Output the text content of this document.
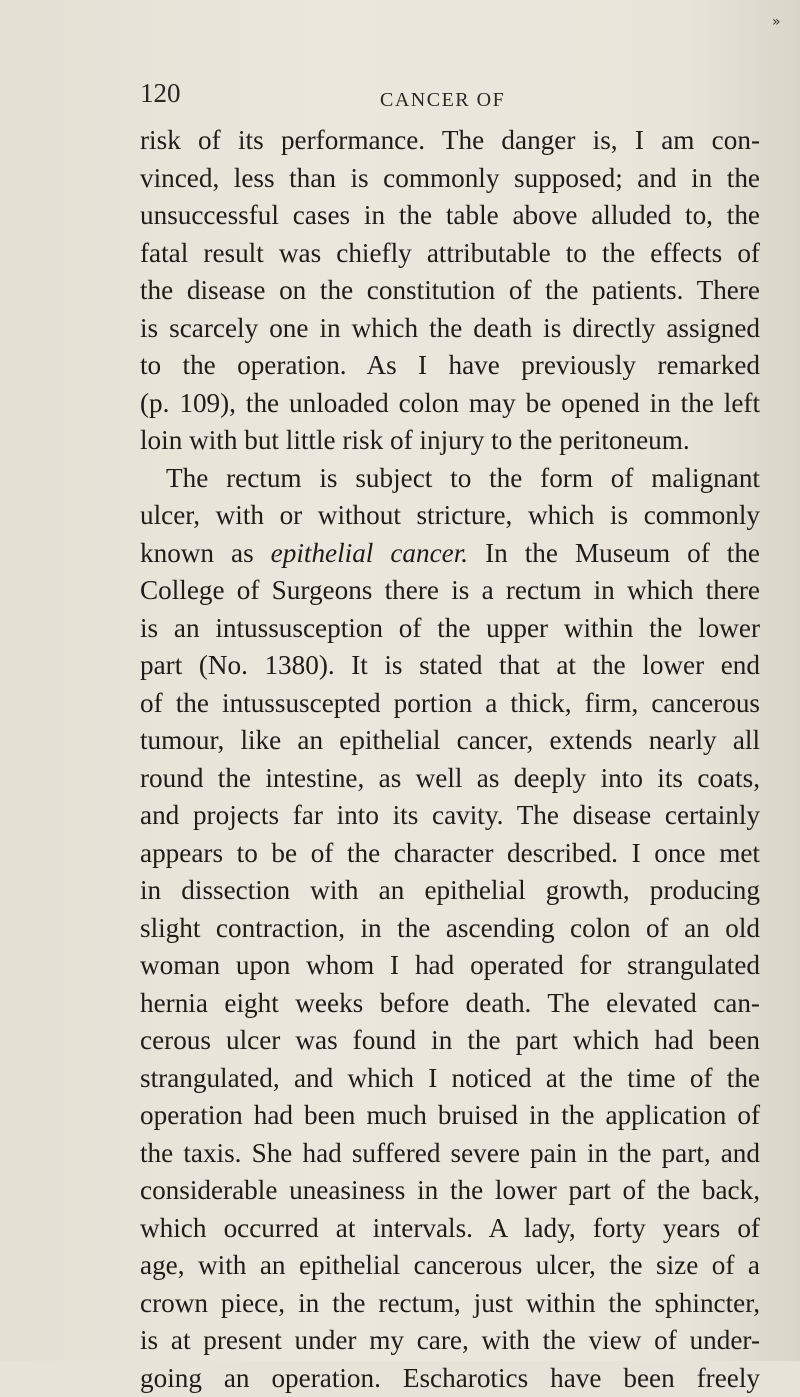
»
120	CANCER OF
risk of its performance. The danger is, I am con-
vinced, less than is commonly supposed; and in the
unsuccessful cases in the table above alluded to, the
fatal result was chiefly attributable to the effects of
the disease on the constitution of the patients. There
is scarcely one in which the death is directly assigned
to the operation. As I have previously remarked
(p. 109), the unloaded colon may be opened in the left
loin with but little risk of injury to the peritoneum.
The rectum is subject to the form of malignant
ulcer, with or without stricture, which is commonly
known as epithelial cancer. In the Museum of the
College of Surgeons there is a rectum in which there
is an intussusception of the upper within the lower
part (No. 1380). It is stated that at the lower end
of the intussuscepted portion a thick, firm, cancerous
tumour, like an epithelial cancer, extends nearly all
round the intestine, as well as deeply into its coats,
and projects far into its cavity. The disease certainly
appears to be of the character described. I once met
in dissection with an epithelial growth, producing
slight contraction, in the ascending colon of an old
woman upon whom I had operated for strangulated
hernia eight weeks before death. The elevated can-
cerous ulcer was found in the part which had been
strangulated, and which I noticed at the time of the
operation had been much bruised in the application of
the taxis. She had suffered severe pain in the part, and
considerable uneasiness in the lower part of the back,
which occurred at intervals. A lady, forty years of
age, with an epithelial cancerous ulcer, the size of a
crown piece, in the rectum, just within the sphincter,
is at present under my care, with the view of under-
going an operation. Escharotics have been freely
